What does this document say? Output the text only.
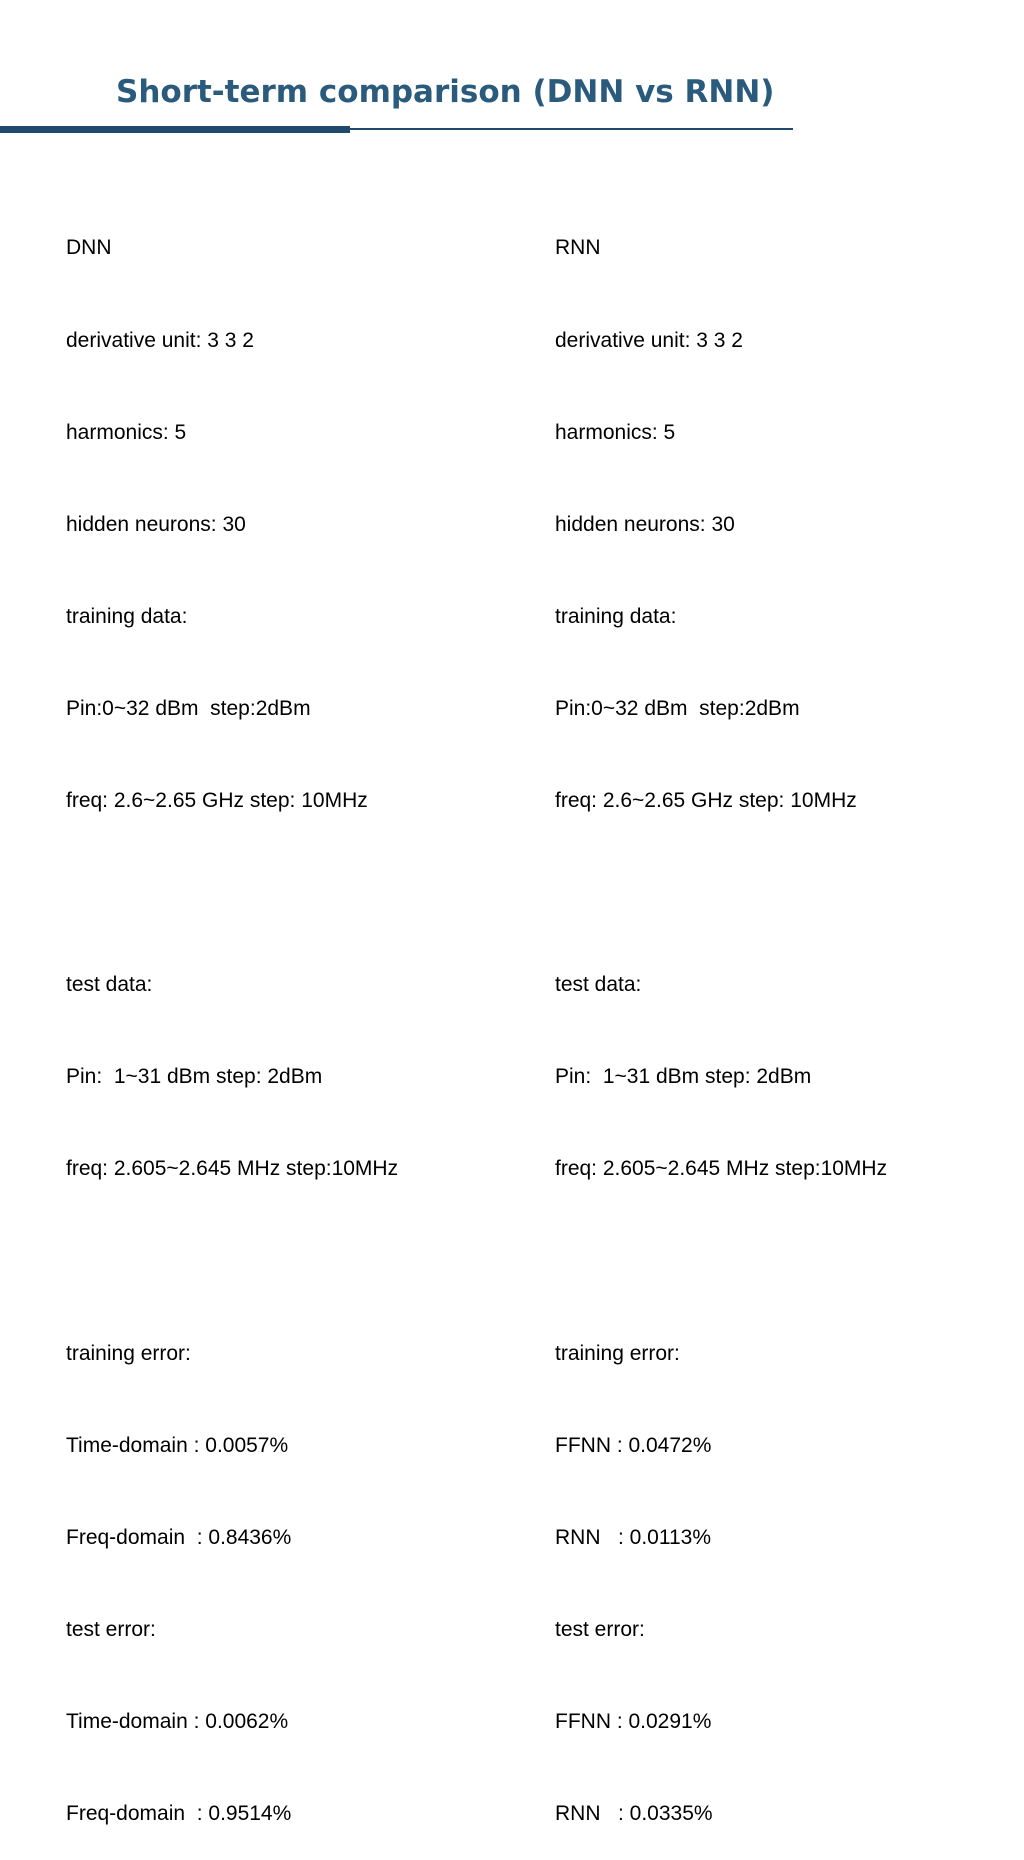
Short-term comparison (DNN vs RNN)

DNN

derivative unit: 3 3 2

harmonics: 5

hidden neurons: 30

training data:

Pin:0~32 dBm  step:2dBm

freq: 2.6~2.65 GHz step: 10MHz

test data:

Pin:  1~31 dBm step: 2dBm

freq: 2.605~2.645 MHz step:10MHz

training error:

Time-domain : 0.0057%

Freq-domain  : 0.8436%

test error:

Time-domain : 0.0062%

Freq-domain  : 0.9514%

RNN

derivative unit: 3 3 2

harmonics: 5

hidden neurons: 30

training data:

Pin:0~32 dBm  step:2dBm

freq: 2.6~2.65 GHz step: 10MHz

test data:

Pin:  1~31 dBm step: 2dBm

freq: 2.605~2.645 MHz step:10MHz

training error:

FFNN : 0.0472%

RNN   : 0.0113%

test error:

FFNN : 0.0291%

RNN   : 0.0335%
